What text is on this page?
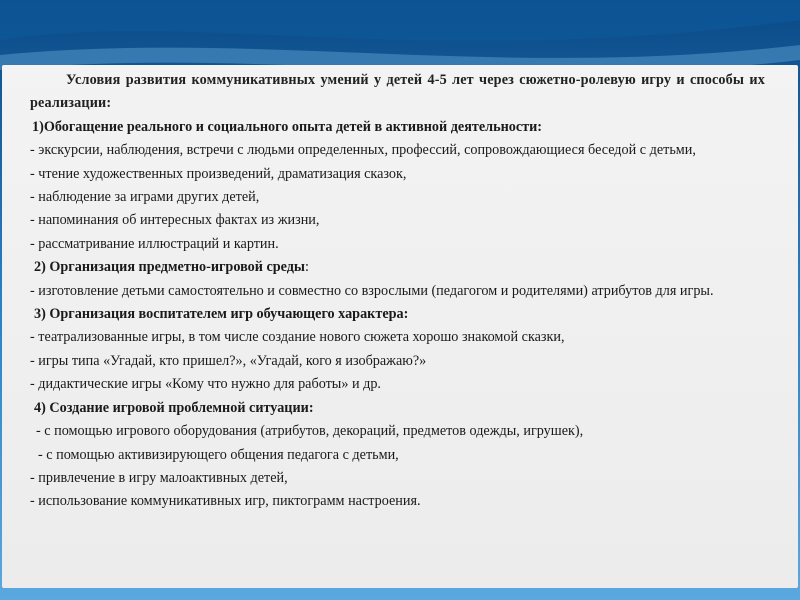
Условия развития коммуникативных умений у детей 4-5 лет через сюжетно-ролевую игру и способы их реализации:
1)Обогащение реального и социального опыта детей в активной деятельности:
- экскурсии, наблюдения, встречи с людьми определенных, профессий, сопровождающиеся беседой с детьми,
- чтение художественных произведений, драматизация сказок,
- наблюдение за играми других детей,
- напоминания об интересных фактах из жизни,
- рассматривание иллюстраций и картин.
2) Организация предметно-игровой среды:
- изготовление детьми самостоятельно и совместно со взрослыми (педагогом и родителями) атрибутов для игры.
3) Организация воспитателем игр обучающего характера:
- театрализованные игры, в том числе создание нового сюжета хорошо знакомой сказки,
- игры типа «Угадай, кто пришел?», «Угадай, кого я изображаю?»
- дидактические игры «Кому что нужно для работы» и др.
4) Создание игровой проблемной ситуации:
- с помощью игрового оборудования (атрибутов, декораций, предметов одежды, игрушек),
- с помощью активизирующего общения педагога с детьми,
- привлечение в игру малоактивных детей,
- использование коммуникативных игр, пиктограмм настроения.
